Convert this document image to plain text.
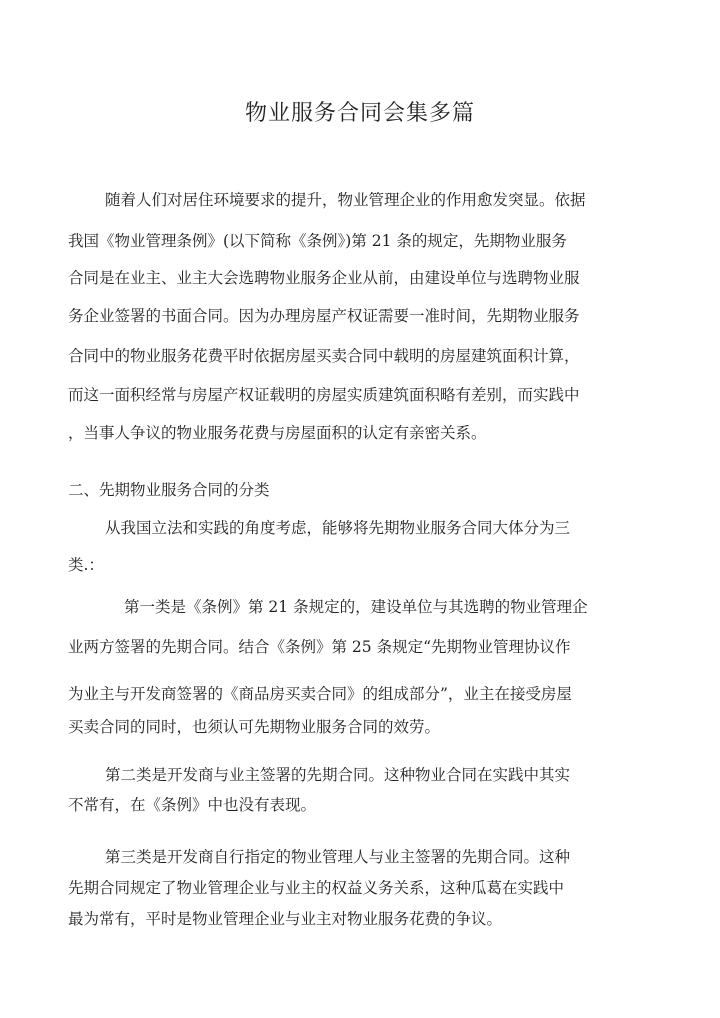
物业服务合同会集多篇
随着人们对居住环境要求的提升，物业管理企业的作用愈发突显。依据
我国《物业管理条例》(以下简称《条例》)第 21 条的规定，先期物业服务
合同是在业主、业主大会选聘物业服务企业从前，由建设单位与选聘物业服
务企业签署的书面合同。因为办理房屋产权证需要一准时间，先期物业服务
合同中的物业服务花费平时依据房屋买卖合同中载明的房屋建筑面积计算，
而这一面积经常与房屋产权证载明的房屋实质建筑面积略有差别，而实践中
，当事人争议的物业服务花费与房屋面积的认定有亲密关系。
二、先期物业服务合同的分类
从我国立法和实践的角度考虑，能够将先期物业服务合同大体分为三
类.：
第一类是《条例》第 21 条规定的，建设单位与其选聘的物业管理企
业两方签署的先期合同。结合《条例》第 25 条规定“先期物业管理协议作
为业主与开发商签署的《商品房买卖合同》的组成部分”，业主在接受房屋
买卖合同的同时，也须认可先期物业服务合同的效劳。
第二类是开发商与业主签署的先期合同。这种物业合同在实践中其实
不常有，在《条例》中也没有表现。
第三类是开发商自行指定的物业管理人与业主签署的先期合同。这种
先期合同规定了物业管理企业与业主的权益义务关系，这种瓜葛在实践中
最为常有，平时是物业管理企业与业主对物业服务花费的争议。
